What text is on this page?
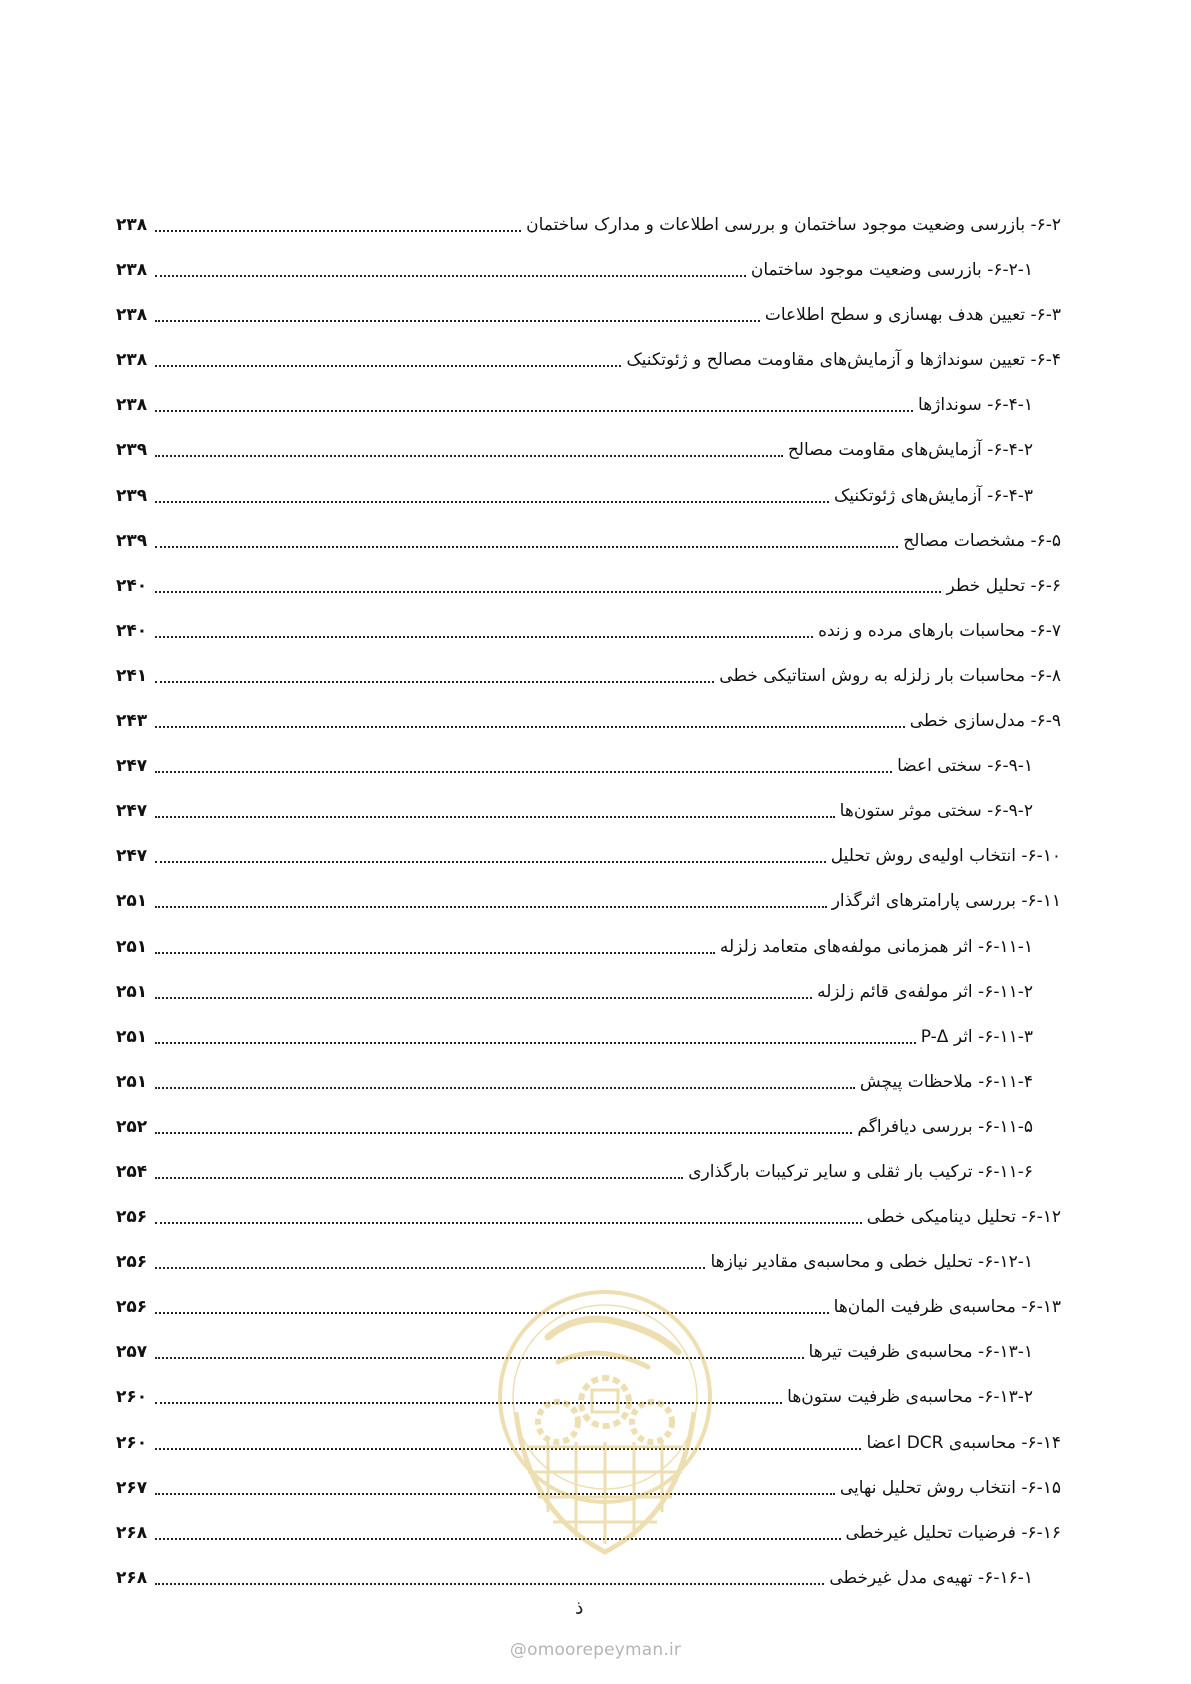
۶-۲- بازرسی وضعیت موجود ساختمان و بررسی اطلاعات و مدارک ساختمان
۲۳۸
۶-۲-۱- بازرسی وضعیت موجود ساختمان
۲۳۸
۶-۳- تعیین هدف بهسازی و سطح اطلاعات
۲۳۸
۶-۴- تعیین سونداژها و آزمایش‌های مقاومت مصالح و ژئوتکنیک
۲۳۸
۶-۴-۱- سونداژها
۲۳۸
۶-۴-۲- آزمایش‌های مقاومت مصالح
۲۳۹
۶-۴-۳- آزمایش‌های ژئوتکنیک
۲۳۹
۶-۵- مشخصات مصالح
۲۳۹
۶-۶- تحلیل خطر
۲۴۰
۶-۷- محاسبات بارهای مرده و زنده
۲۴۰
۶-۸- محاسبات بار زلزله به روش استاتیکی خطی
۲۴۱
۶-۹- مدل‌سازی خطی
۲۴۳
۶-۹-۱- سختی اعضا
۲۴۷
۶-۹-۲- سختی موثر ستون‌ها
۲۴۷
۶-۱۰- انتخاب اولیه‌ی روش تحلیل
۲۴۷
۶-۱۱- بررسی پارامترهای اثرگذار
۲۵۱
۶-۱۱-۱- اثر همزمانی مولفه‌های متعامد زلزله
۲۵۱
۶-۱۱-۲- اثر مولفه‌ی قائم زلزله
۲۵۱
۶-۱۱-۳- اثر P-Δ
۲۵۱
۶-۱۱-۴- ملاحظات پیچش
۲۵۱
۶-۱۱-۵- بررسی دیافراگم
۲۵۲
۶-۱۱-۶- ترکیب بار ثقلی و سایر ترکیبات بارگذاری
۲۵۴
۶-۱۲- تحلیل دینامیکی خطی
۲۵۶
۶-۱۲-۱- تحلیل خطی و محاسبه‌ی مقادیر نیازها
۲۵۶
۶-۱۳- محاسبه‌ی ظرفیت المان‌ها
۲۵۶
۶-۱۳-۱- محاسبه‌ی ظرفیت تیرها
۲۵۷
۶-۱۳-۲- محاسبه‌ی ظرفیت ستون‌ها
۲۶۰
۶-۱۴- محاسبه‌ی DCR اعضا
۲۶۰
۶-۱۵- انتخاب روش تحلیل نهایی
۲۶۷
۶-۱۶- فرضیات تحلیل غیرخطی
۲۶۸
۶-۱۶-۱- تهیه‌ی مدل غیرخطی
۲۶۸
ذ
@omoorepeyman.ir
